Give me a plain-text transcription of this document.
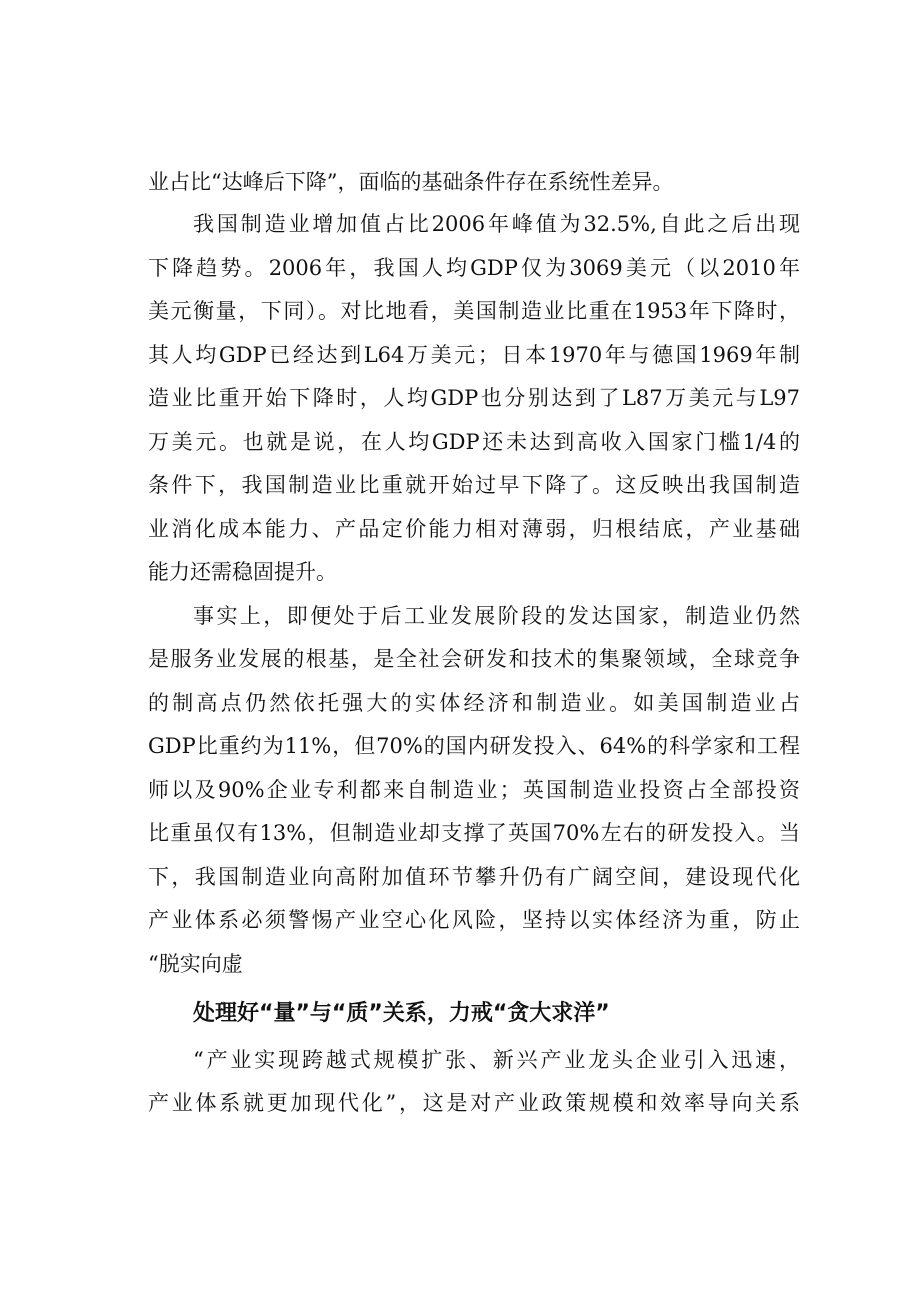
业占比“达峰后下降”，面临的基础条件存在系统性差异。
我国制造业增加值占比2006年峰值为32.5%,自此之后出现
下降趋势。2006年，我国人均GDP仅为3069美元（以2010年
美元衡量，下同）。对比地看，美国制造业比重在1953年下降时，
其人均GDP已经达到L64万美元；日本1970年与德国1969年制
造业比重开始下降时，人均GDP也分别达到了L87万美元与L97
万美元。也就是说，在人均GDP还未达到高收入国家门槛1/4的
条件下，我国制造业比重就开始过早下降了。这反映出我国制造
业消化成本能力、产品定价能力相对薄弱，归根结底，产业基础
能力还需稳固提升。
事实上，即便处于后工业发展阶段的发达国家，制造业仍然
是服务业发展的根基，是全社会研发和技术的集聚领域，全球竞争
的制高点仍然依托强大的实体经济和制造业。如美国制造业占
GDP比重约为11%，但70%的国内研发投入、64%的科学家和工程
师以及90%企业专利都来自制造业；英国制造业投资占全部投资
比重虽仅有13%，但制造业却支撑了英国70%左右的研发投入。当
下，我国制造业向高附加值环节攀升仍有广阔空间，建设现代化
产业体系必须警惕产业空心化风险，坚持以实体经济为重，防止
“脱实向虚
处理好“量”与“质”关系，力戒“贪大求洋”
“产业实现跨越式规模扩张、新兴产业龙头企业引入迅速，
产业体系就更加现代化”，这是对产业政策规模和效率导向关系
